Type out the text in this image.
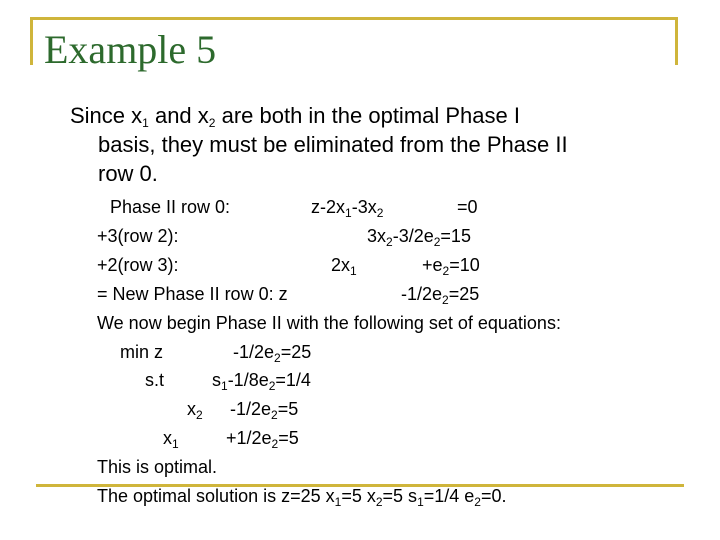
Example 5
Since $x_1$ and $x_2$ are both in the optimal Phase I
basis, they must be eliminated from the Phase II
row 0.
Phase II row 0:	$z-2x_1-3x_2$	=0
+3(row 2):	$3x_2-3/2e_2=15$
+2(row 3):	$2x_1$	$+e_2=10$
= New Phase II row 0: z	$-1/2e_2=25$
We now begin Phase II with the following set of equations:
min z	$-1/2e_2=25$
s.t	$s_1-1/8e_2=1/4$
$x_2$ $-1/2e_2=5$
$x_1$	$+1/2e_2=5$
This is optimal.
The optimal solution is z=25 $x_1=5$ $x_2=5$ $s_1=1/4$ $e_2=0$.
